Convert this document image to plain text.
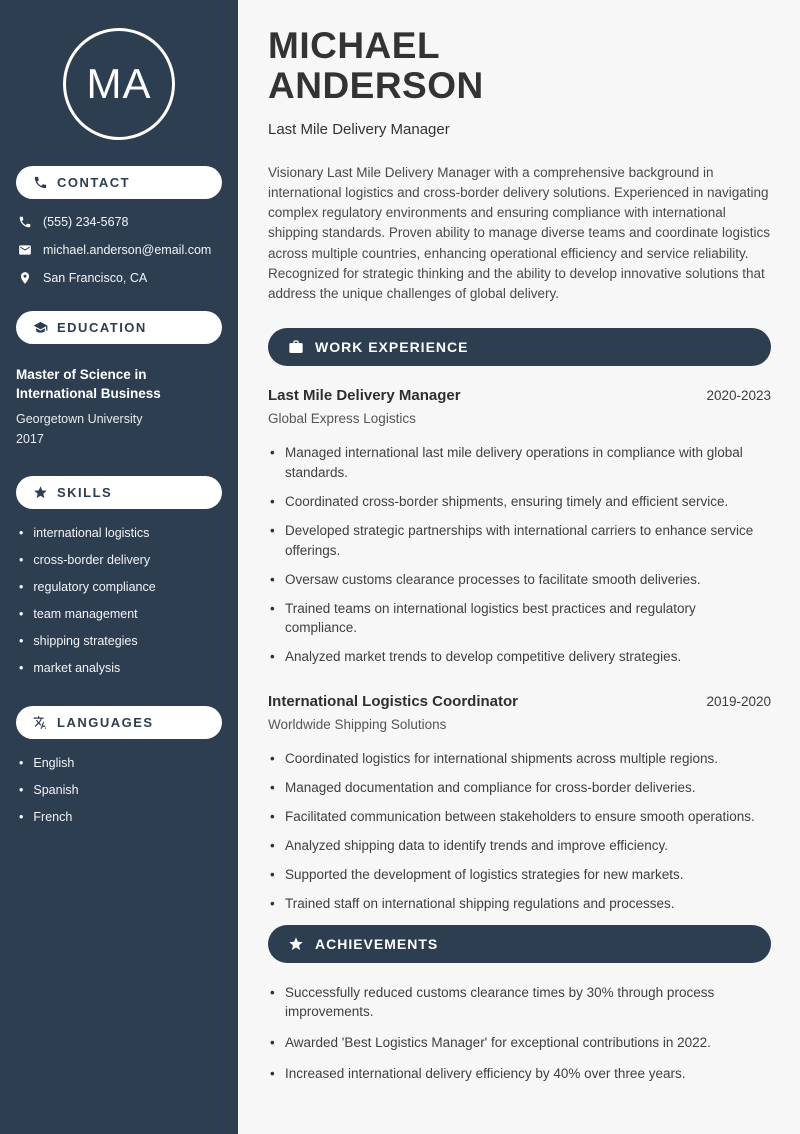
MA
CONTACT
(555) 234-5678
michael.anderson@email.com
San Francisco, CA
EDUCATION
Master of Science in International Business
Georgetown University
2017
SKILLS
• international logistics
• cross-border delivery
• regulatory compliance
• team management
• shipping strategies
• market analysis
LANGUAGES
• English
• Spanish
• French
MICHAEL
ANDERSON
Last Mile Delivery Manager

Visionary Last Mile Delivery Manager with a comprehensive background in international logistics and cross-border delivery solutions. Experienced in navigating complex regulatory environments and ensuring compliance with international shipping standards. Proven ability to manage diverse teams and coordinate logistics across multiple countries, enhancing operational efficiency and service reliability. Recognized for strategic thinking and the ability to develop innovative solutions that address the unique challenges of global delivery.

WORK EXPERIENCE
Last Mile Delivery Manager	2020-2023
Global Express Logistics
• Managed international last mile delivery operations in compliance with global standards.
• Coordinated cross-border shipments, ensuring timely and efficient service.
• Developed strategic partnerships with international carriers to enhance service offerings.
• Oversaw customs clearance processes to facilitate smooth deliveries.
• Trained teams on international logistics best practices and regulatory compliance.
• Analyzed market trends to develop competitive delivery strategies.
International Logistics Coordinator	2019-2020
Worldwide Shipping Solutions
• Coordinated logistics for international shipments across multiple regions.
• Managed documentation and compliance for cross-border deliveries.
• Facilitated communication between stakeholders to ensure smooth operations.
• Analyzed shipping data to identify trends and improve efficiency.
• Supported the development of logistics strategies for new markets.
• Trained staff on international shipping regulations and processes.
ACHIEVEMENTS
• Successfully reduced customs clearance times by 30% through process improvements.
• Awarded 'Best Logistics Manager' for exceptional contributions in 2022.
• Increased international delivery efficiency by 40% over three years.
